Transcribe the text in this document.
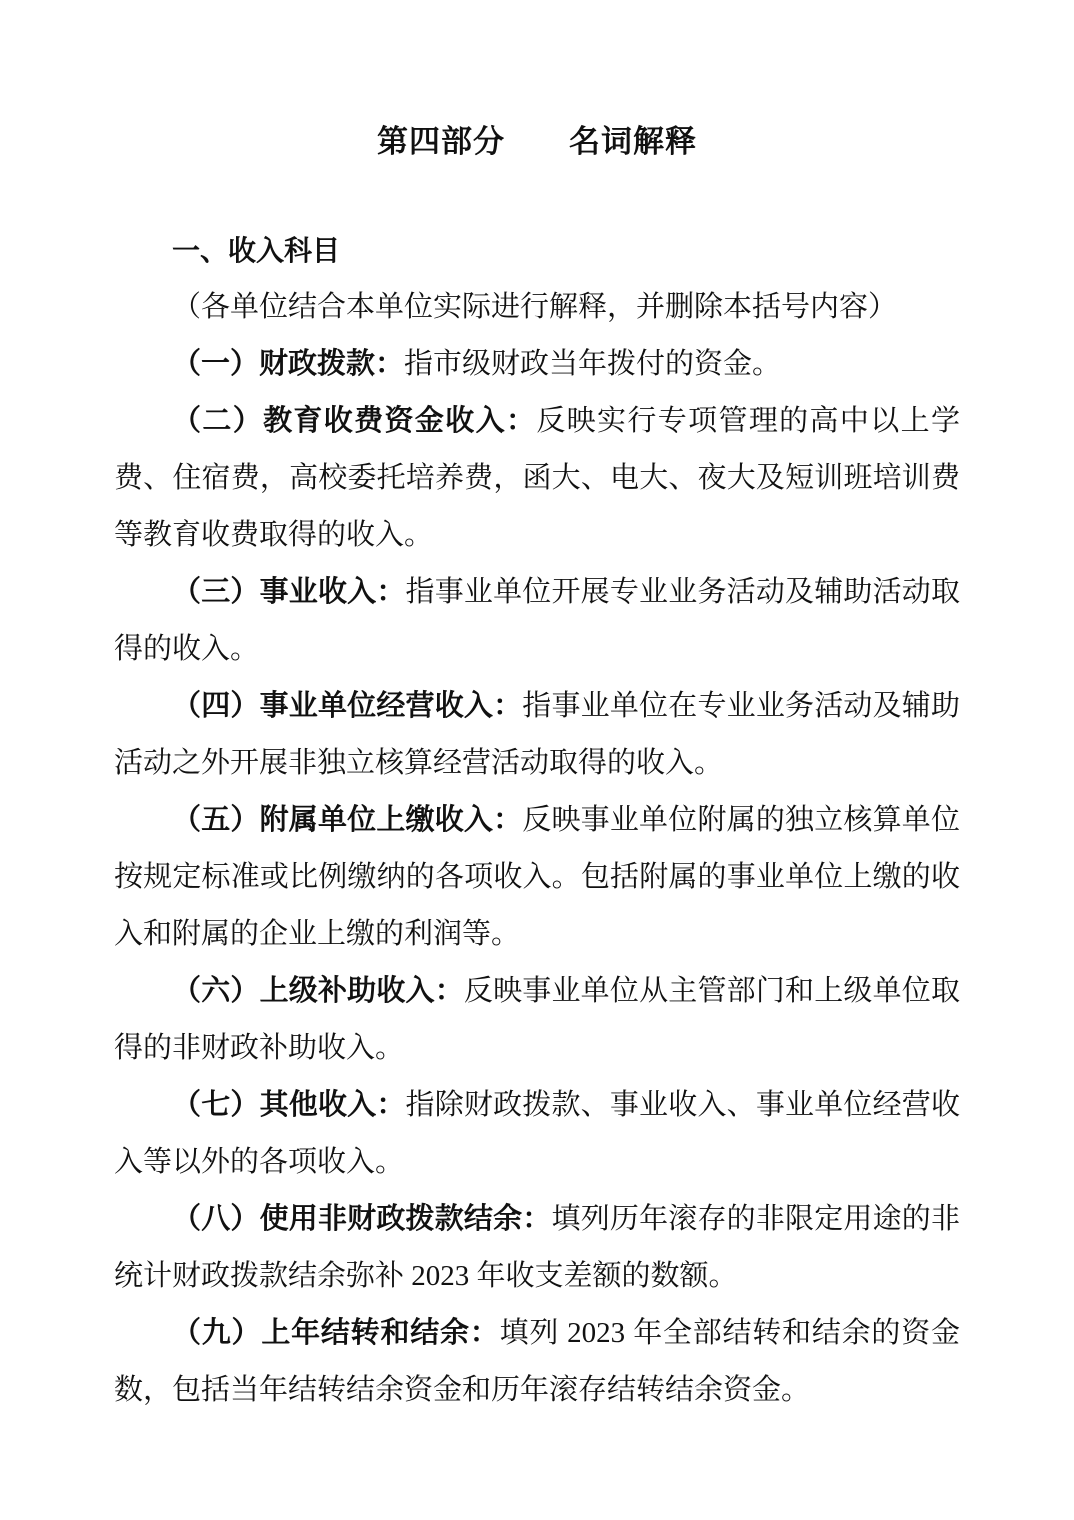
第四部分　　名词解释
一、收入科目

（各单位结合本单位实际进行解释，并删除本括号内容）

（一）财政拨款：指市级财政当年拨付的资金。

（二）教育收费资金收入：反映实行专项管理的高中以上学费、住宿费，高校委托培养费，函大、电大、夜大及短训班培训费等教育收费取得的收入。

（三）事业收入：指事业单位开展专业业务活动及辅助活动取得的收入。

（四）事业单位经营收入：指事业单位在专业业务活动及辅助活动之外开展非独立核算经营活动取得的收入。

（五）附属单位上缴收入：反映事业单位附属的独立核算单位按规定标准或比例缴纳的各项收入。包括附属的事业单位上缴的收入和附属的企业上缴的利润等。

（六）上级补助收入：反映事业单位从主管部门和上级单位取得的非财政补助收入。

（七）其他收入：指除财政拨款、事业收入、事业单位经营收入等以外的各项收入。

（八）使用非财政拨款结余：填列历年滚存的非限定用途的非统计财政拨款结余弥补 2023 年收支差额的数额。

（九）上年结转和结余：填列 2023 年全部结转和结余的资金数，包括当年结转结余资金和历年滚存结转结余资金。
